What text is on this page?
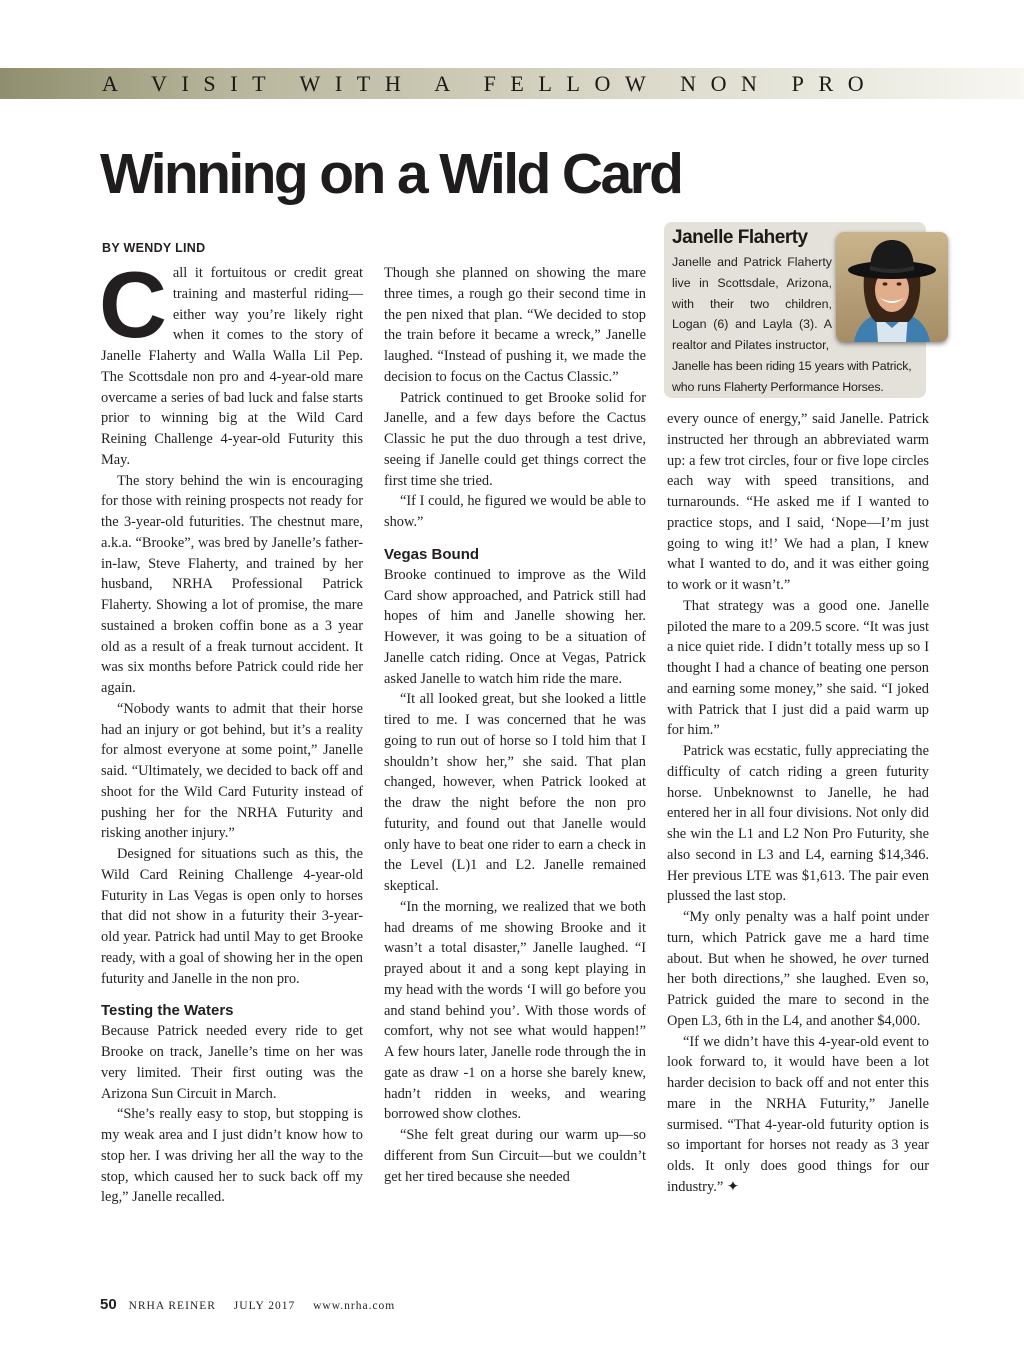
A VISIT WITH A FELLOW NON PRO
Winning on a Wild Card
BY WENDY LIND

Call it fortuitous or credit great training and masterful riding—either way you’re likely right when it comes to the story of Janelle Flaherty and Walla Walla Lil Pep. The Scottsdale non pro and 4-year-old mare overcame a series of bad luck and false starts prior to winning big at the Wild Card Reining Challenge 4-year-old Futurity this May.

The story behind the win is encouraging for those with reining prospects not ready for the 3-year-old futurities. The chestnut mare, a.k.a. “Brooke”, was bred by Janelle’s father-in-law, Steve Flaherty, and trained by her husband, NRHA Professional Patrick Flaherty. Showing a lot of promise, the mare sustained a broken coffin bone as a 3 year old as a result of a freak turnout accident. It was six months before Patrick could ride her again.

“Nobody wants to admit that their horse had an injury or got behind, but it’s a reality for almost everyone at some point,” Janelle said. “Ultimately, we decided to back off and shoot for the Wild Card Futurity instead of pushing her for the NRHA Futurity and risking another injury.”

Designed for situations such as this, the Wild Card Reining Challenge 4-year-old Futurity in Las Vegas is open only to horses that did not show in a futurity their 3-year-old year. Patrick had until May to get Brooke ready, with a goal of showing her in the open futurity and Janelle in the non pro.

Testing the Waters

Because Patrick needed every ride to get Brooke on track, Janelle’s time on her was very limited. Their first outing was the Arizona Sun Circuit in March.

“She’s really easy to stop, but stopping is my weak area and I just didn’t know how to stop her. I was driving her all the way to the stop, which caused her to suck back off my leg,” Janelle recalled.

Though she planned on showing the mare three times, a rough go their second time in the pen nixed that plan. “We decided to stop the train before it became a wreck,” Janelle laughed. “Instead of pushing it, we made the decision to focus on the Cactus Classic.”

Patrick continued to get Brooke solid for Janelle, and a few days before the Cactus Classic he put the duo through a test drive, seeing if Janelle could get things correct the first time she tried.

“If I could, he figured we would be able to show.”

Vegas Bound

Brooke continued to improve as the Wild Card show approached, and Patrick still had hopes of him and Janelle showing her. However, it was going to be a situation of Janelle catch riding. Once at Vegas, Patrick asked Janelle to watch him ride the mare.

“It all looked great, but she looked a little tired to me. I was concerned that he was going to run out of horse so I told him that I shouldn’t show her,” she said. That plan changed, however, when Patrick looked at the draw the night before the non pro futurity, and found out that Janelle would only have to beat one rider to earn a check in the Level (L)1 and L2. Janelle remained skeptical.

“In the morning, we realized that we both had dreams of me showing Brooke and it wasn’t a total disaster,” Janelle laughed. “I prayed about it and a song kept playing in my head with the words ‘I will go before you and stand behind you’. With those words of comfort, why not see what would happen!” A few hours later, Janelle rode through the in gate as draw -1 on a horse she barely knew, hadn’t ridden in weeks, and wearing borrowed show clothes.

“She felt great during our warm up—so different from Sun Circuit—but we couldn’t get her tired because she needed

Janelle Flaherty
Janelle and Patrick Flaherty live in Scottsdale, Arizona, with their two children, Logan (6) and Layla (3). A realtor and Pilates instructor,
Janelle has been riding 15 years with Patrick, who runs Flaherty Performance Horses.

every ounce of energy,” said Janelle. Patrick instructed her through an abbreviated warm up: a few trot circles, four or five lope circles each way with speed transitions, and turnarounds. “He asked me if I wanted to practice stops, and I said, ‘Nope—I’m just going to wing it!’ We had a plan, I knew what I wanted to do, and it was either going to work or it wasn’t.”

That strategy was a good one. Janelle piloted the mare to a 209.5 score. “It was just a nice quiet ride. I didn’t totally mess up so I thought I had a chance of beating one person and earning some money,” she said. “I joked with Patrick that I just did a paid warm up for him.”

Patrick was ecstatic, fully appreciating the difficulty of catch riding a green futurity horse. Unbeknownst to Janelle, he had entered her in all four divisions. Not only did she win the L1 and L2 Non Pro Futurity, she also second in L3 and L4, earning $14,346. Her previous LTE was $1,613. The pair even plussed the last stop.

“My only penalty was a half point under turn, which Patrick gave me a hard time about. But when he showed, he over turned her both directions,” she laughed. Even so, Patrick guided the mare to second in the Open L3, 6th in the L4, and another $4,000.

“If we didn’t have this 4-year-old event to look forward to, it would have been a lot harder decision to back off and not enter this mare in the NRHA Futurity,” Janelle surmised. “That 4-year-old futurity option is so important for horses not ready as 3 year olds. It only does good things for our industry.” ✦

50 NRHA REINER JULY 2017 www.nrha.com
